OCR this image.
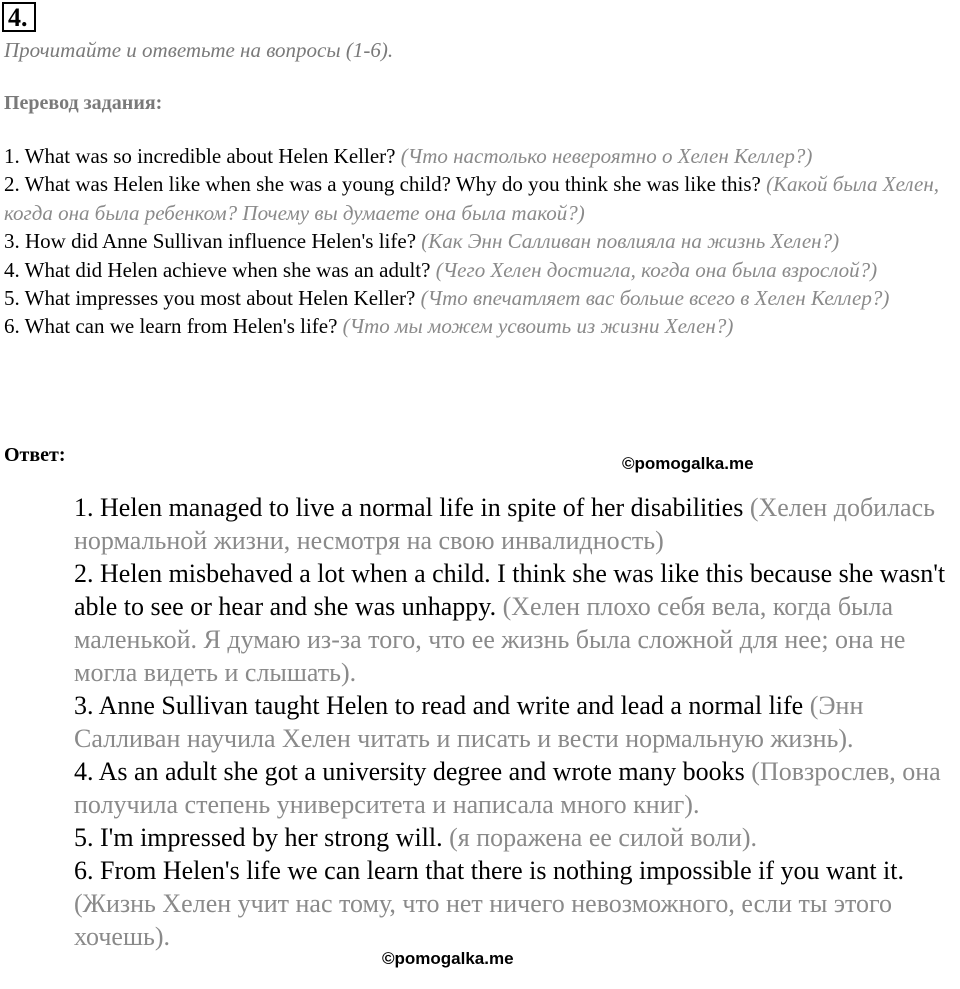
4.
Прочитайте и ответьте на вопросы (1-6).
Перевод задания:

1. What was so incredible about Helen Keller? (Что настолько невероятно о Хелен Келлер?)

2. What was Helen like when she was a young child? Why do you think she was like this? (Какой была Хелен, когда она была ребенком? Почему вы думаете она была такой?)

3. How did Anne Sullivan influence Helen's life? (Как Энн Салливан повлияла на жизнь Хелен?)

4. What did Helen achieve when she was an adult? (Чего Хелен достигла, когда она была взрослой?)

5. What impresses you most about Helen Keller? (Что впечатляет вас больше всего в Хелен Келлер?)

6. What can we learn from Helen's life? (Что мы можем усвоить из жизни Хелен?)

Ответ:	©pomogalka.me

1. Helen managed to live a normal life in spite of her disabilities (Хелен добилась нормальной жизни, несмотря на свою инвалидность)

2. Helen misbehaved a lot when a child. I think she was like this because she wasn't able to see or hear and she was unhappy. (Хелен плохо себя вела, когда была маленькой. Я думаю из-за того, что ее жизнь была сложной для нее; она не могла видеть и слышать).

3. Anne Sullivan taught Helen to read and write and lead a normal life (Энн Салливан научила Хелен читать и писать и вести нормальную жизнь).

4. As an adult she got a university degree and wrote many books (Повзрослев, она получила степень университета и написала много книг).

5. I'm impressed by her strong will. (я поражена ее силой воли).

6. From Helen's life we can learn that there is nothing impossible if you want it. (Жизнь Хелен учит нас тому, что нет ничего невозможного, если ты этого хочешь).

©pomogalka.me
